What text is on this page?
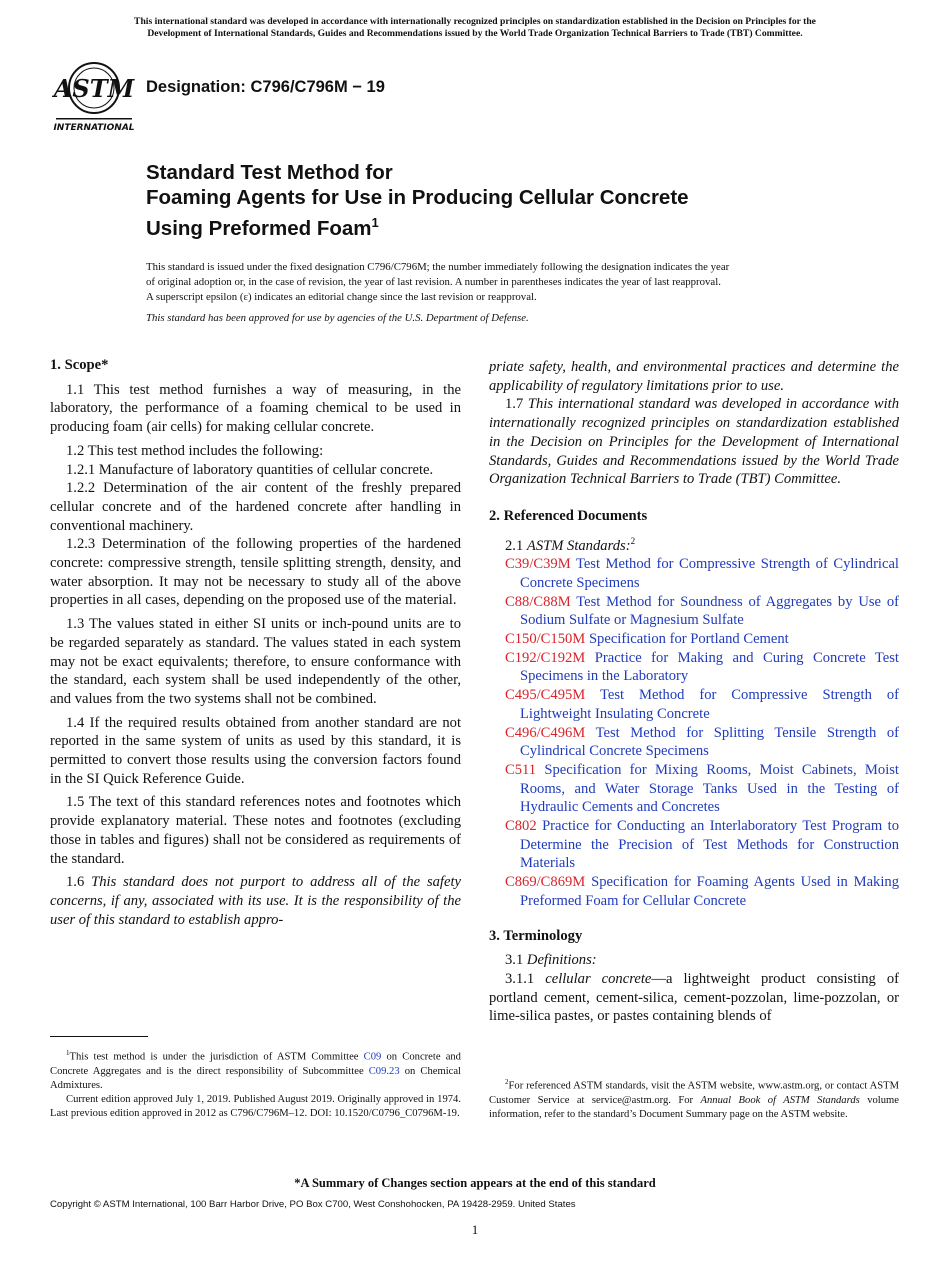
This international standard was developed in accordance with internationally recognized principles on standardization established in the Decision on Principles for the
Development of International Standards, Guides and Recommendations issued by the World Trade Organization Technical Barriers to Trade (TBT) Committee.
ASTM
INTERNATIONAL
Designation: C796/C796M − 19
Standard Test Method for
Foaming Agents for Use in Producing Cellular Concrete
Using Preformed Foam$^1$
This standard is issued under the fixed designation C796/C796M; the number immediately following the designation indicates the year
of original adoption or, in the case of revision, the year of last revision. A number in parentheses indicates the year of last reapproval.
A superscript epsilon (ε) indicates an editorial change since the last revision or reapproval.
This standard has been approved for use by agencies of the U.S. Department of Defense.

1. Scope*

1.1 This test method furnishes a way of measuring, in the laboratory, the performance of a foaming chemical to be used in producing foam (air cells) for making cellular concrete.

1.2 This test method includes the following:

1.2.1 Manufacture of laboratory quantities of cellular concrete.

1.2.2 Determination of the air content of the freshly prepared cellular concrete and of the hardened concrete after handling in conventional machinery.

1.2.3 Determination of the following properties of the hardened concrete: compressive strength, tensile splitting strength, density, and water absorption. It may not be necessary to study all of the above properties in all cases, depending on the proposed use of the material.

1.3 The values stated in either SI units or inch-pound units are to be regarded separately as standard. The values stated in each system may not be exact equivalents; therefore, to ensure conformance with the standard, each system shall be used independently of the other, and values from the two systems shall not be combined.

1.4 If the required results obtained from another standard are not reported in the same system of units as used by this standard, it is permitted to convert those results using the conversion factors found in the SI Quick Reference Guide.

1.5 The text of this standard references notes and footnotes which provide explanatory material. These notes and footnotes (excluding those in tables and figures) shall not be considered as requirements of the standard.

1.6 This standard does not purport to address all of the safety concerns, if any, associated with its use. It is the responsibility of the user of this standard to establish appro-

priate safety, health, and environmental practices and determine the applicability of regulatory limitations prior to use.

1.7 This international standard was developed in accordance with internationally recognized principles on standardization established in the Decision on Principles for the Development of International Standards, Guides and Recommendations issued by the World Trade Organization Technical Barriers to Trade (TBT) Committee.

2. Referenced Documents

2.1 ASTM Standards:$^2$

C39/C39M Test Method for Compressive Strength of Cylindrical Concrete Specimens

C88/C88M Test Method for Soundness of Aggregates by Use of Sodium Sulfate or Magnesium Sulfate

C150/C150M Specification for Portland Cement

C192/C192M Practice for Making and Curing Concrete Test Specimens in the Laboratory

C495/C495M Test Method for Compressive Strength of Lightweight Insulating Concrete

C496/C496M Test Method for Splitting Tensile Strength of Cylindrical Concrete Specimens

C511 Specification for Mixing Rooms, Moist Cabinets, Moist Rooms, and Water Storage Tanks Used in the Testing of Hydraulic Cements and Concretes

C802 Practice for Conducting an Interlaboratory Test Program to Determine the Precision of Test Methods for Construction Materials

C869/C869M Specification for Foaming Agents Used in Making Preformed Foam for Cellular Concrete

3. Terminology

3.1 Definitions:

3.1.1 cellular concrete—a lightweight product consisting of portland cement, cement-silica, cement-pozzolan, lime-pozzolan, or lime-silica pastes, or pastes containing blends of

$^1$This test method is under the jurisdiction of ASTM Committee C09 on Concrete and Concrete Aggregates and is the direct responsibility of Subcommittee C09.23 on Chemical Admixtures.

Current edition approved July 1, 2019. Published August 2019. Originally approved in 1974. Last previous edition approved in 2012 as C796/C796M–12. DOI: 10.1520/C0796_C0796M-19.

$^2$For referenced ASTM standards, visit the ASTM website, www.astm.org, or contact ASTM Customer Service at service@astm.org. For Annual Book of ASTM Standards volume information, refer to the standard’s Document Summary page on the ASTM website.

*A Summary of Changes section appears at the end of this standard
Copyright © ASTM International, 100 Barr Harbor Drive, PO Box C700, West Conshohocken, PA 19428-2959. United States
1
